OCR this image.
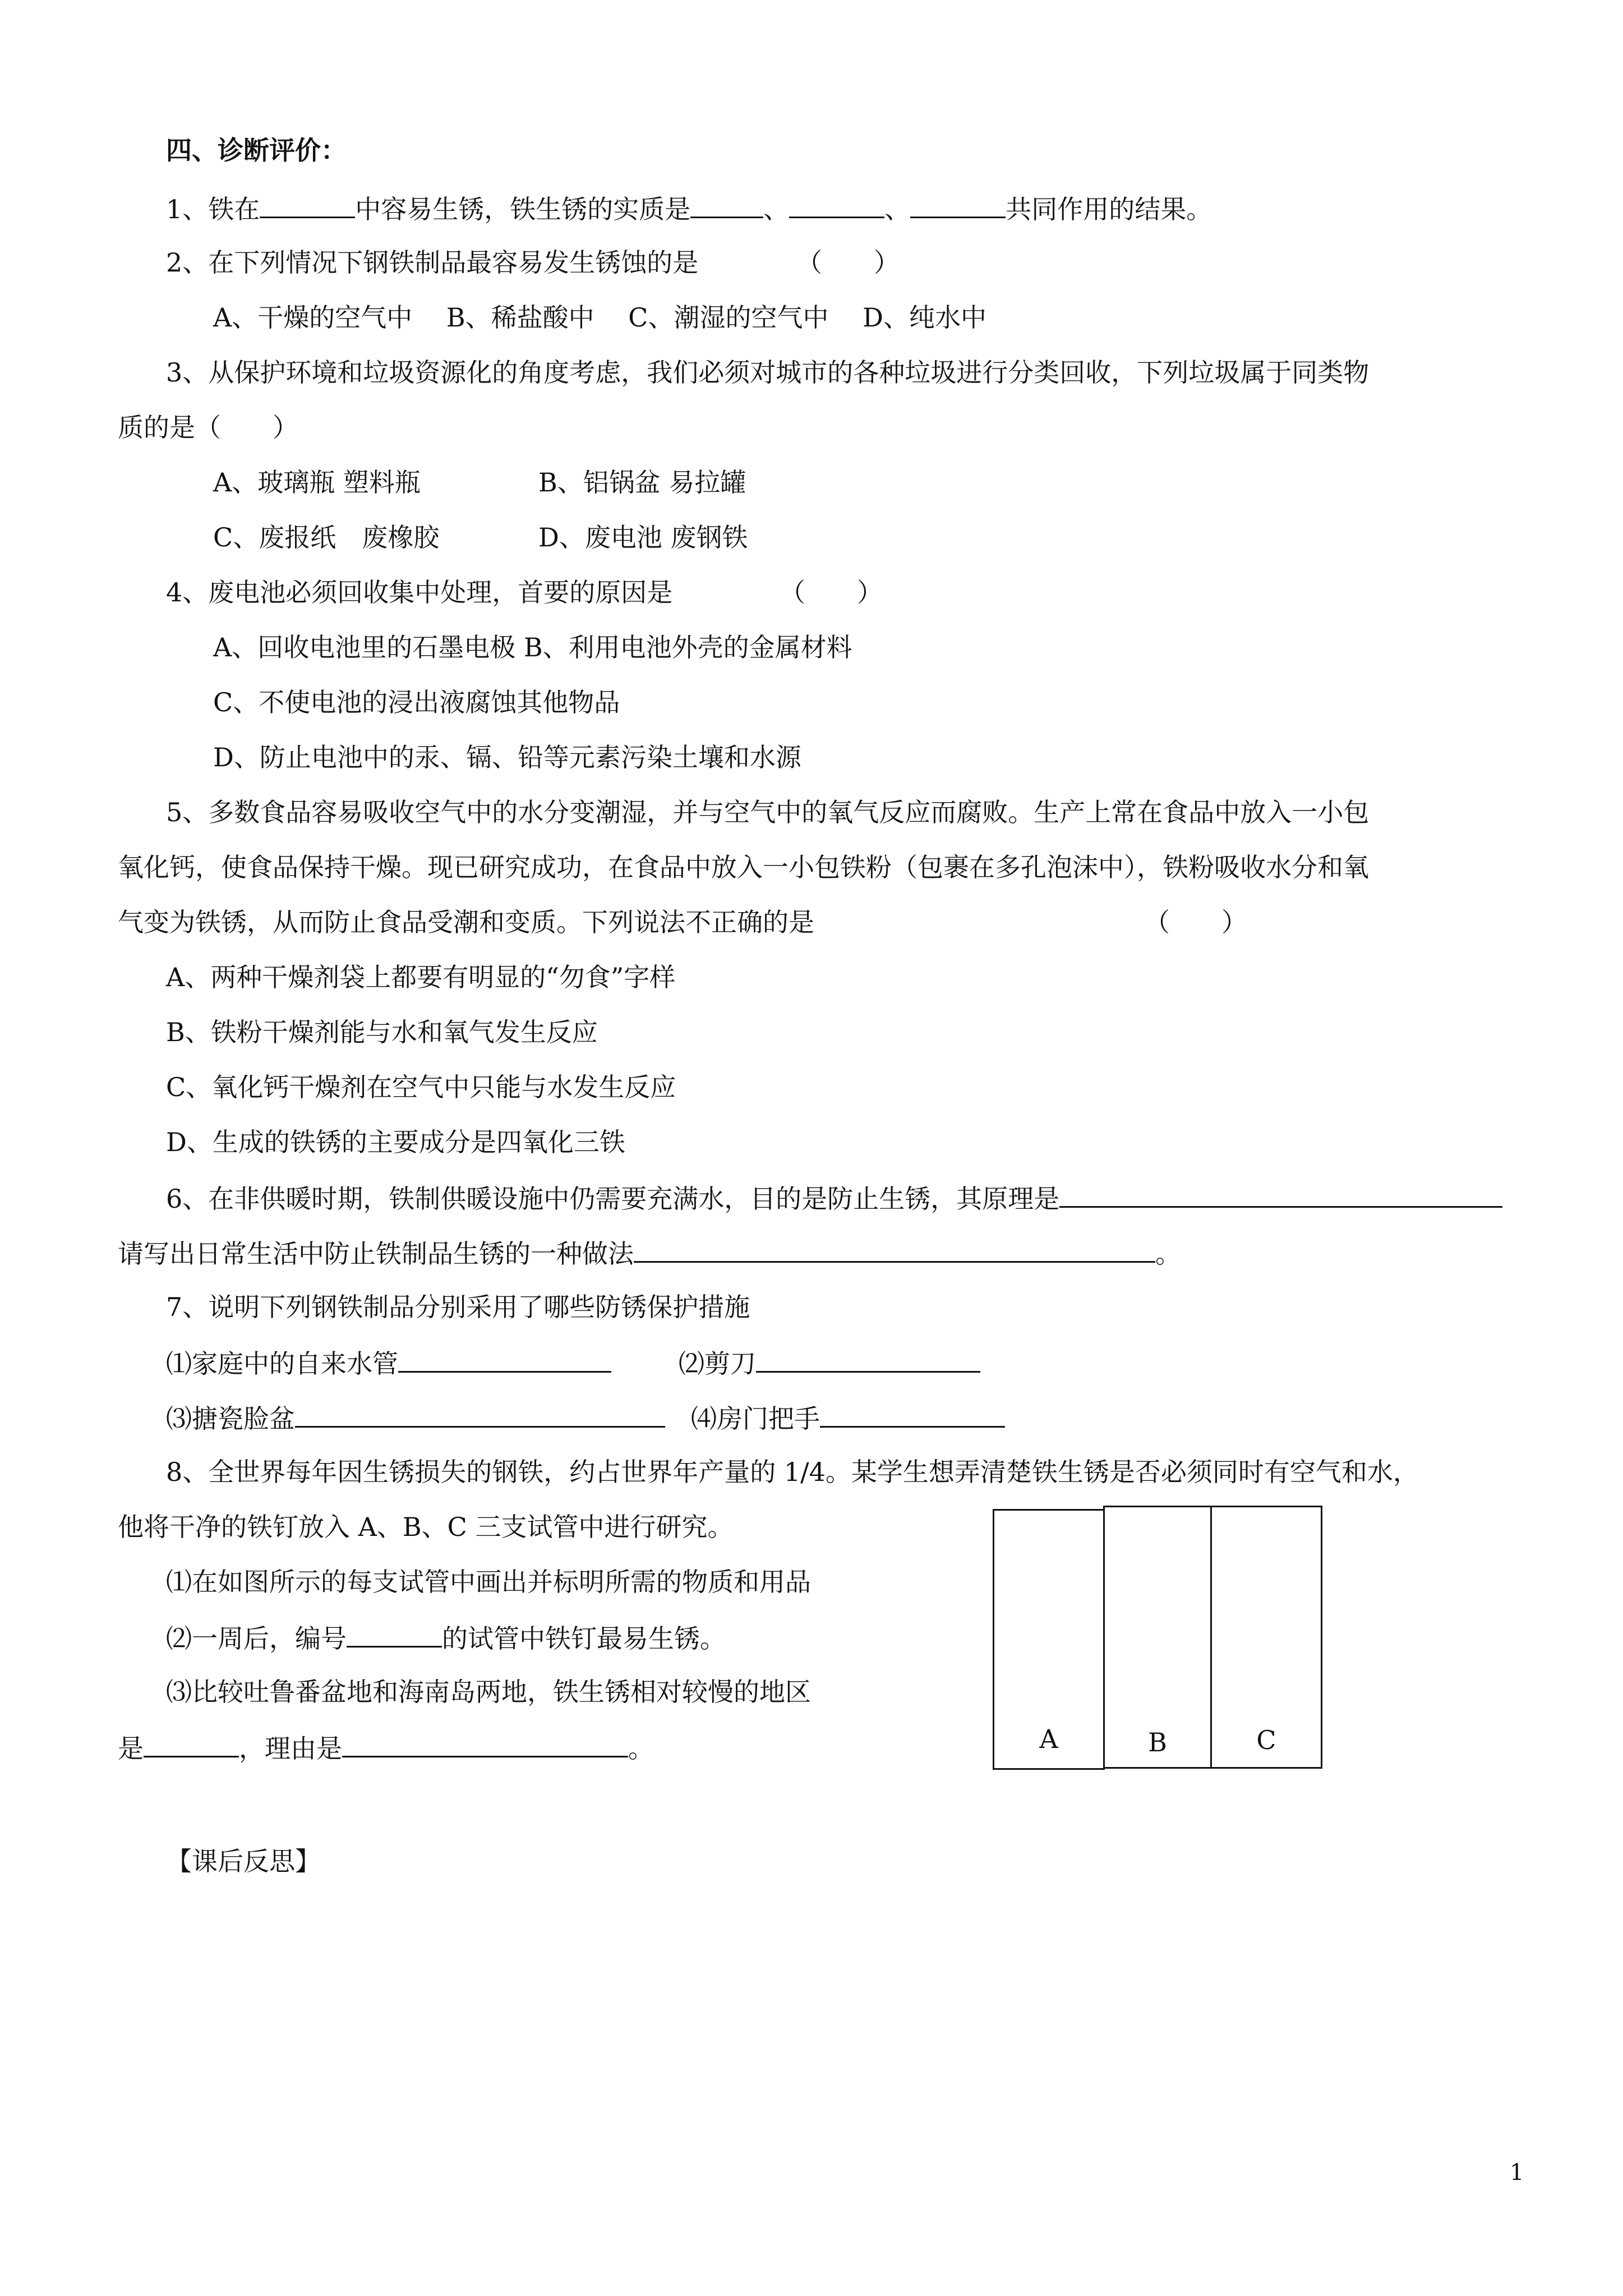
四、诊断评价：
1、铁在	中容易生锈，铁生锈的实质是	、	、	共同作用的结果。
2、在下列情况下钢铁制品最容易发生锈蚀的是	（　　）
A、干燥的空气中　 B、稀盐酸中　 C、潮湿的空气中　 D、纯水中
3、从保护环境和垃圾资源化的角度考虑，我们必须对城市的各种垃圾进行分类回收，下列垃圾属于同类物
质的是（　　）
A、玻璃瓶 塑料瓶	B、铝锅盆 易拉罐
C、废报纸　废橡胶	D、废电池 废钢铁
4、废电池必须回收集中处理，首要的原因是	（　　）
A、回收电池里的石墨电极 B、利用电池外壳的金属材料
C、不使电池的浸出液腐蚀其他物品
D、防止电池中的汞、镉、铅等元素污染土壤和水源
5、多数食品容易吸收空气中的水分变潮湿，并与空气中的氧气反应而腐败。生产上常在食品中放入一小包
氧化钙，使食品保持干燥。现已研究成功，在食品中放入一小包铁粉（包裹在多孔泡沫中），铁粉吸收水分和氧
气变为铁锈，从而防止食品受潮和变质。下列说法不正确的是	（　　）
A、两种干燥剂袋上都要有明显的“勿食”字样
B、铁粉干燥剂能与水和氧气发生反应
C、氧化钙干燥剂在空气中只能与水发生反应
D、生成的铁锈的主要成分是四氧化三铁
6、在非供暖时期，铁制供暖设施中仍需要充满水，目的是防止生锈，其原理是
请写出日常生活中防止铁制品生锈的一种做法	。
7、说明下列钢铁制品分别采用了哪些防锈保护措施
⑴家庭中的自来水管	⑵剪刀
⑶搪瓷脸盆	⑷房门把手
8、全世界每年因生锈损失的钢铁，约占世界年产量的 1/4。某学生想弄清楚铁生锈是否必须同时有空气和水，
他将干净的铁钉放入 A、B、C 三支试管中进行研究。
⑴在如图所示的每支试管中画出并标明所需的物质和用品
⑵一周后，编号	的试管中铁钉最易生锈。
⑶比较吐鲁番盆地和海南岛两地，铁生锈相对较慢的地区
是	，理由是	。	A	B	C
【课后反思】
1
